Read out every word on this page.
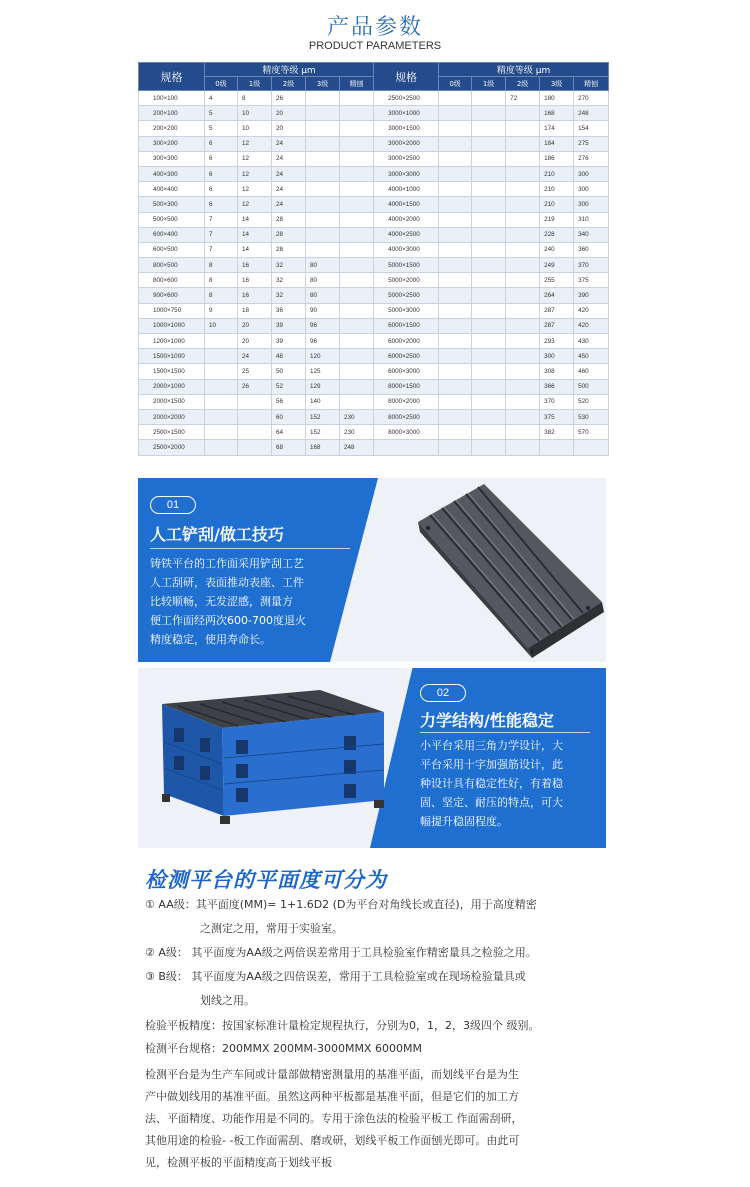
产品参数
PRODUCT PARAMETERS
规格	精度等级 μm					规格	精度等级 μm				
	0级	1级	2级	3级	精刨		0级	1级	2级	3级	精刨
100×100	4	8	26			2500×2500			72	180	270
200×100	5	10	20			3000×1000				168	248
200×200	5	10	20			3000×1500				174	154
300×200	6	12	24			3000×2000				184	275
300×300	6	12	24			3000×2500				186	276
400×300	6	12	24			3000×3000				210	300
400×400	6	12	24			4000×1000				210	300
500×300	6	12	24			4000×1500				210	300
500×500	7	14	28			4000×2000				219	310
600×400	7	14	28			4000×2500				228	340
600×500	7	14	28			4000×3000				240	360
800×500	8	16	32	80		5000×1500				249	370
800×600	8	16	32	80		5000×2000				255	375
900×600	8	16	32	80		5000×2500				264	390
1000×750	9	18	36	90		5000×3000				287	420
1000×1000	10	20	39	96		6000×1500				287	420
1200×1000		20	39	96		6000×2000				293	430
1500×1000		24	48	120		6000×2500				300	450
1500×1500		25	50	125		6000×3000				308	460
2000×1000		26	52	129		8000×1500				366	500
2000×1500			56	140		8000×2000				370	520
2000×2000			60	152	230	8000×2500				375	530
2500×1500			64	152	230	8000×3000				382	570
2500×2000			68	168	248						
01
人工铲刮/做工技巧
铸铁平台的工作面采用铲刮工艺
人工刮研，表面推动表座、工件
比较顺畅，无发涩感，测量方
便工作面经两次600-700度退火
精度稳定，使用寿命长。
02
力学结构/性能稳定
小平台采用三角力学设计，大
平台采用十字加强筋设计，此
种设计具有稳定性好，有着稳
固、坚定、耐压的特点，可大
幅提升稳固程度。
检测平台的平面度可分为
① AA级：其平面度(MM)= 1+1.6D2 (D为平台对角线长或直径)，用于高度精密
之测定之用，常用于实验室。
② A级： 其平面度为AA级之两倍误差常用于工具检验室作精密量具之检验之用。
③ B级： 其平面度为AA级之四倍误差，常用于工具检验室或在现场检验量具或
划线之用。
检验平板精度：按国家标准计量检定规程执行，分别为0，1，2，3级四个 级别。
检测平台规格：200MMX 200MM-3000MMX 6000MM
检测平台是为生产车间或计量部做精密测量用的基准平面，而划线平台是为生
产中做划线用的基准平面。虽然这两种平板都是基准平面，但是它们的加工方
法、平面精度、功能作用是不同的。专用于涂色法的检验平板工 作面需刮研，
其他用途的检验- -板工作面需刮、磨或研，划线平板工作面刨光即可。由此可
见，检测平板的平面精度高于划线平板
